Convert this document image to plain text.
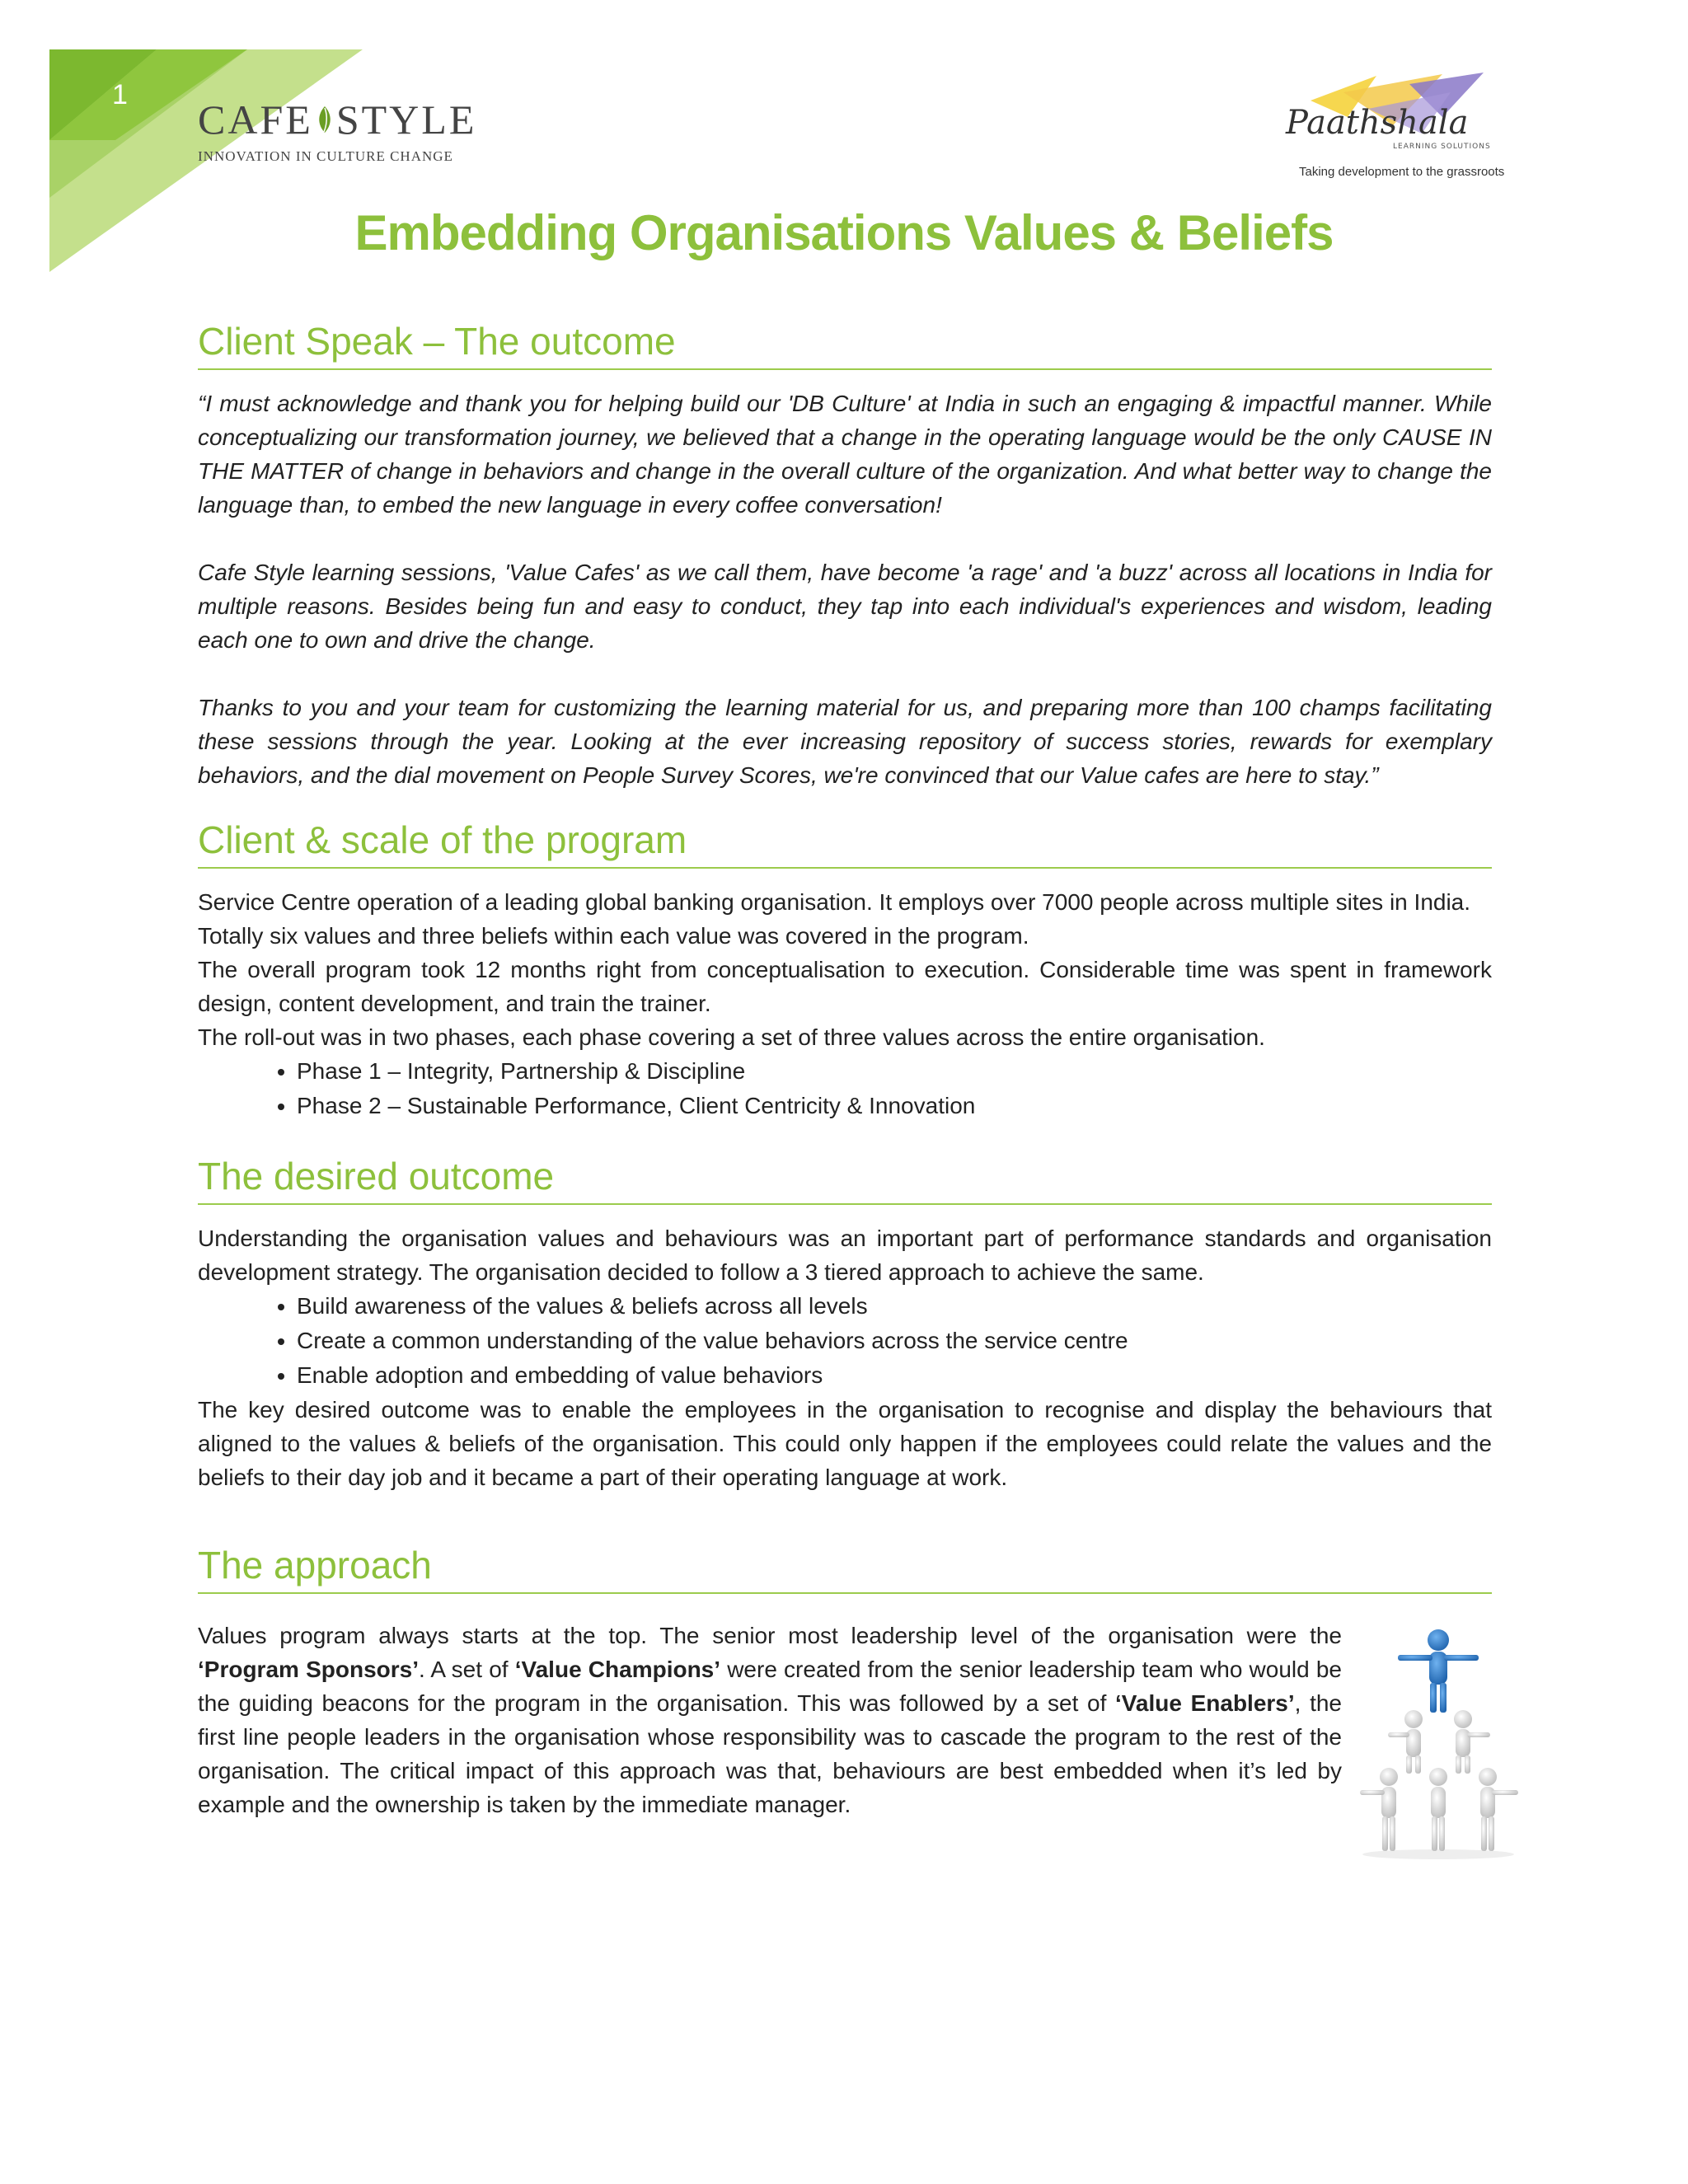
1
CAFE STYLE
INNOVATION IN CULTURE CHANGE
Paathshala
LEARNING SOLUTIONS
Taking development to the grassroots
Embedding Organisations Values & Beliefs
Client Speak – The outcome

“I must acknowledge and thank you for helping build our 'DB Culture' at India in such an engaging & impactful manner. While conceptualizing our transformation journey, we believed that a change in the operating language would be the only CAUSE IN THE MATTER of change in behaviors and change in the overall culture of the organization. And what better way to change the language than, to embed the new language in every coffee conversation!

Cafe Style learning sessions, 'Value Cafes' as we call them, have become 'a rage' and 'a buzz' across all locations in India for multiple reasons. Besides being fun and easy to conduct, they tap into each individual's experiences and wisdom, leading each one to own and drive the change.

Thanks to you and your team for customizing the learning material for us, and preparing more than 100 champs facilitating these sessions through the year. Looking at the ever increasing repository of success stories, rewards for exemplary behaviors, and the dial movement on People Survey Scores, we're convinced that our Value cafes are here to stay.”

Client & scale of the program

Service Centre operation of a leading global banking organisation. It employs over 7000 people across multiple sites in India.

Totally six values and three beliefs within each value was covered in the program.

The overall program took 12 months right from conceptualisation to execution. Considerable time was spent in framework design, content development, and train the trainer.

The roll-out was in two phases, each phase covering a set of three values across the entire organisation.

• Phase 1 – Integrity, Partnership & Discipline
• Phase 2 – Sustainable Performance, Client Centricity & Innovation
The desired outcome

Understanding the organisation values and behaviours was an important part of performance standards and organisation development strategy. The organisation decided to follow a 3 tiered approach to achieve the same.

• Build awareness of the values & beliefs across all levels
• Create a common understanding of the value behaviors across the service centre
• Enable adoption and embedding of value behaviors

The key desired outcome was to enable the employees in the organisation to recognise and display the behaviours that aligned to the values & beliefs of the organisation. This could only happen if the employees could relate the values and the beliefs to their day job and it became a part of their operating language at work.

The approach

Values program always starts at the top. The senior most leadership level of the organisation were the ‘Program Sponsors’. A set of ‘Value Champions’ were created from the senior leadership team who would be the guiding beacons for the program in the organisation. This was followed by a set of ‘Value Enablers’, the first line people leaders in the organisation whose responsibility was to cascade the program to the rest of the organisation. The critical impact of this approach was that, behaviours are best embedded when it’s led by example and the ownership is taken by the immediate manager.
